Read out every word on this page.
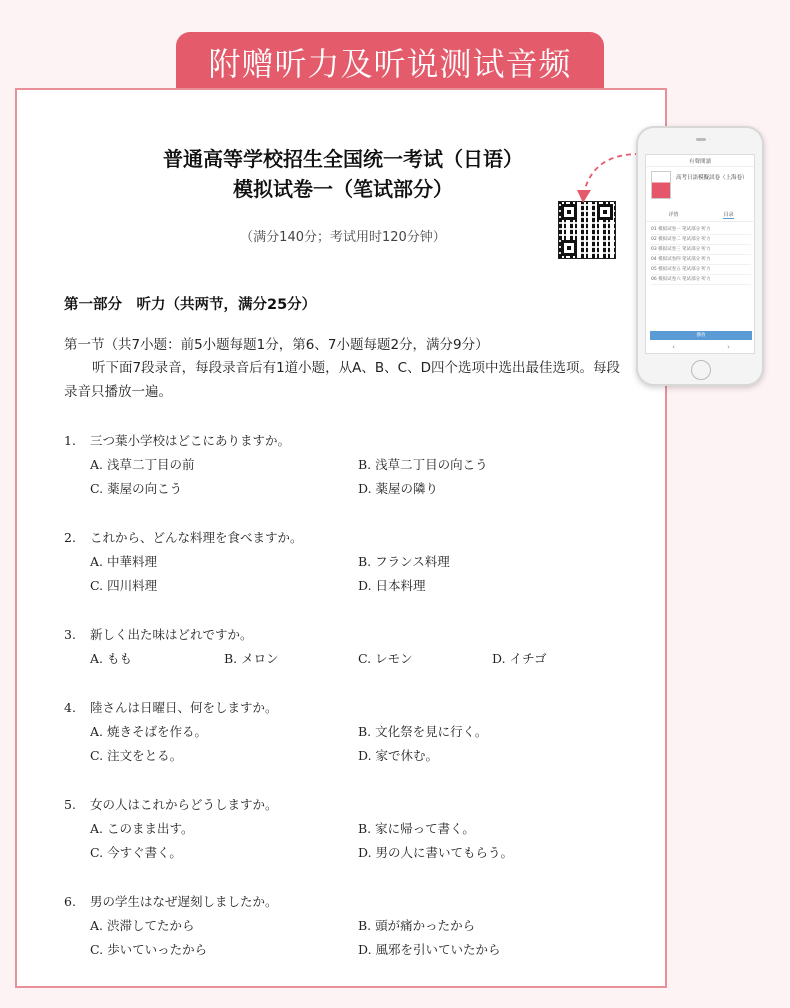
附赠听力及听说测试音频
普通高等学校招生全国统一考试（日语）
模拟试卷一（笔试部分）
（满分140分；考试用时120分钟）
第一部分　听力（共两节，满分25分）
第一节（共7小题：前5小题每题1分，第6、7小题每题2分，满分9分）
听下面7段录音，每段录音后有1道小题，从A、B、C、D四个选项中选出最佳选项。每段录音只播放一遍。
1.	三つ葉小学校はどこにありますか。
A. 浅草二丁目の前	B. 浅草二丁目の向こう
C. 薬屋の向こう	D. 薬屋の隣り
2.	これから、どんな料理を食べますか。
A. 中華料理	B. フランス料理
C. 四川料理	D. 日本料理
3.	新しく出た味はどれですか。
A. もも	B. メロン	C. レモン	D. イチゴ
4.	陸さんは日曜日、何をしますか。
A. 焼きそばを作る。	B. 文化祭を見に行く。
C. 注文をとる。	D. 家で休む。
5.	女の人はこれからどうしますか。
A. このまま出す。	B. 家に帰って書く。
C. 今すぐ書く。	D. 男の人に書いてもらう。
6.	男の学生はなぜ遅刻しましたか。
A. 渋滞してたから	B. 頭が痛かったから
C. 歩いていったから	D. 風邪を引いていたから
有聲閱讀
高考日語模擬試卷（上海卷）
详情	目录
01 模拟试卷一 笔试部分 听力
02 模拟试卷二 笔试部分 听力
03 模拟试卷三 笔试部分 听力
04 模拟试卷四 笔试部分 听力
05 模拟试卷五 笔试部分 听力
06 模拟试卷六 笔试部分 听力
播放
‹	›
